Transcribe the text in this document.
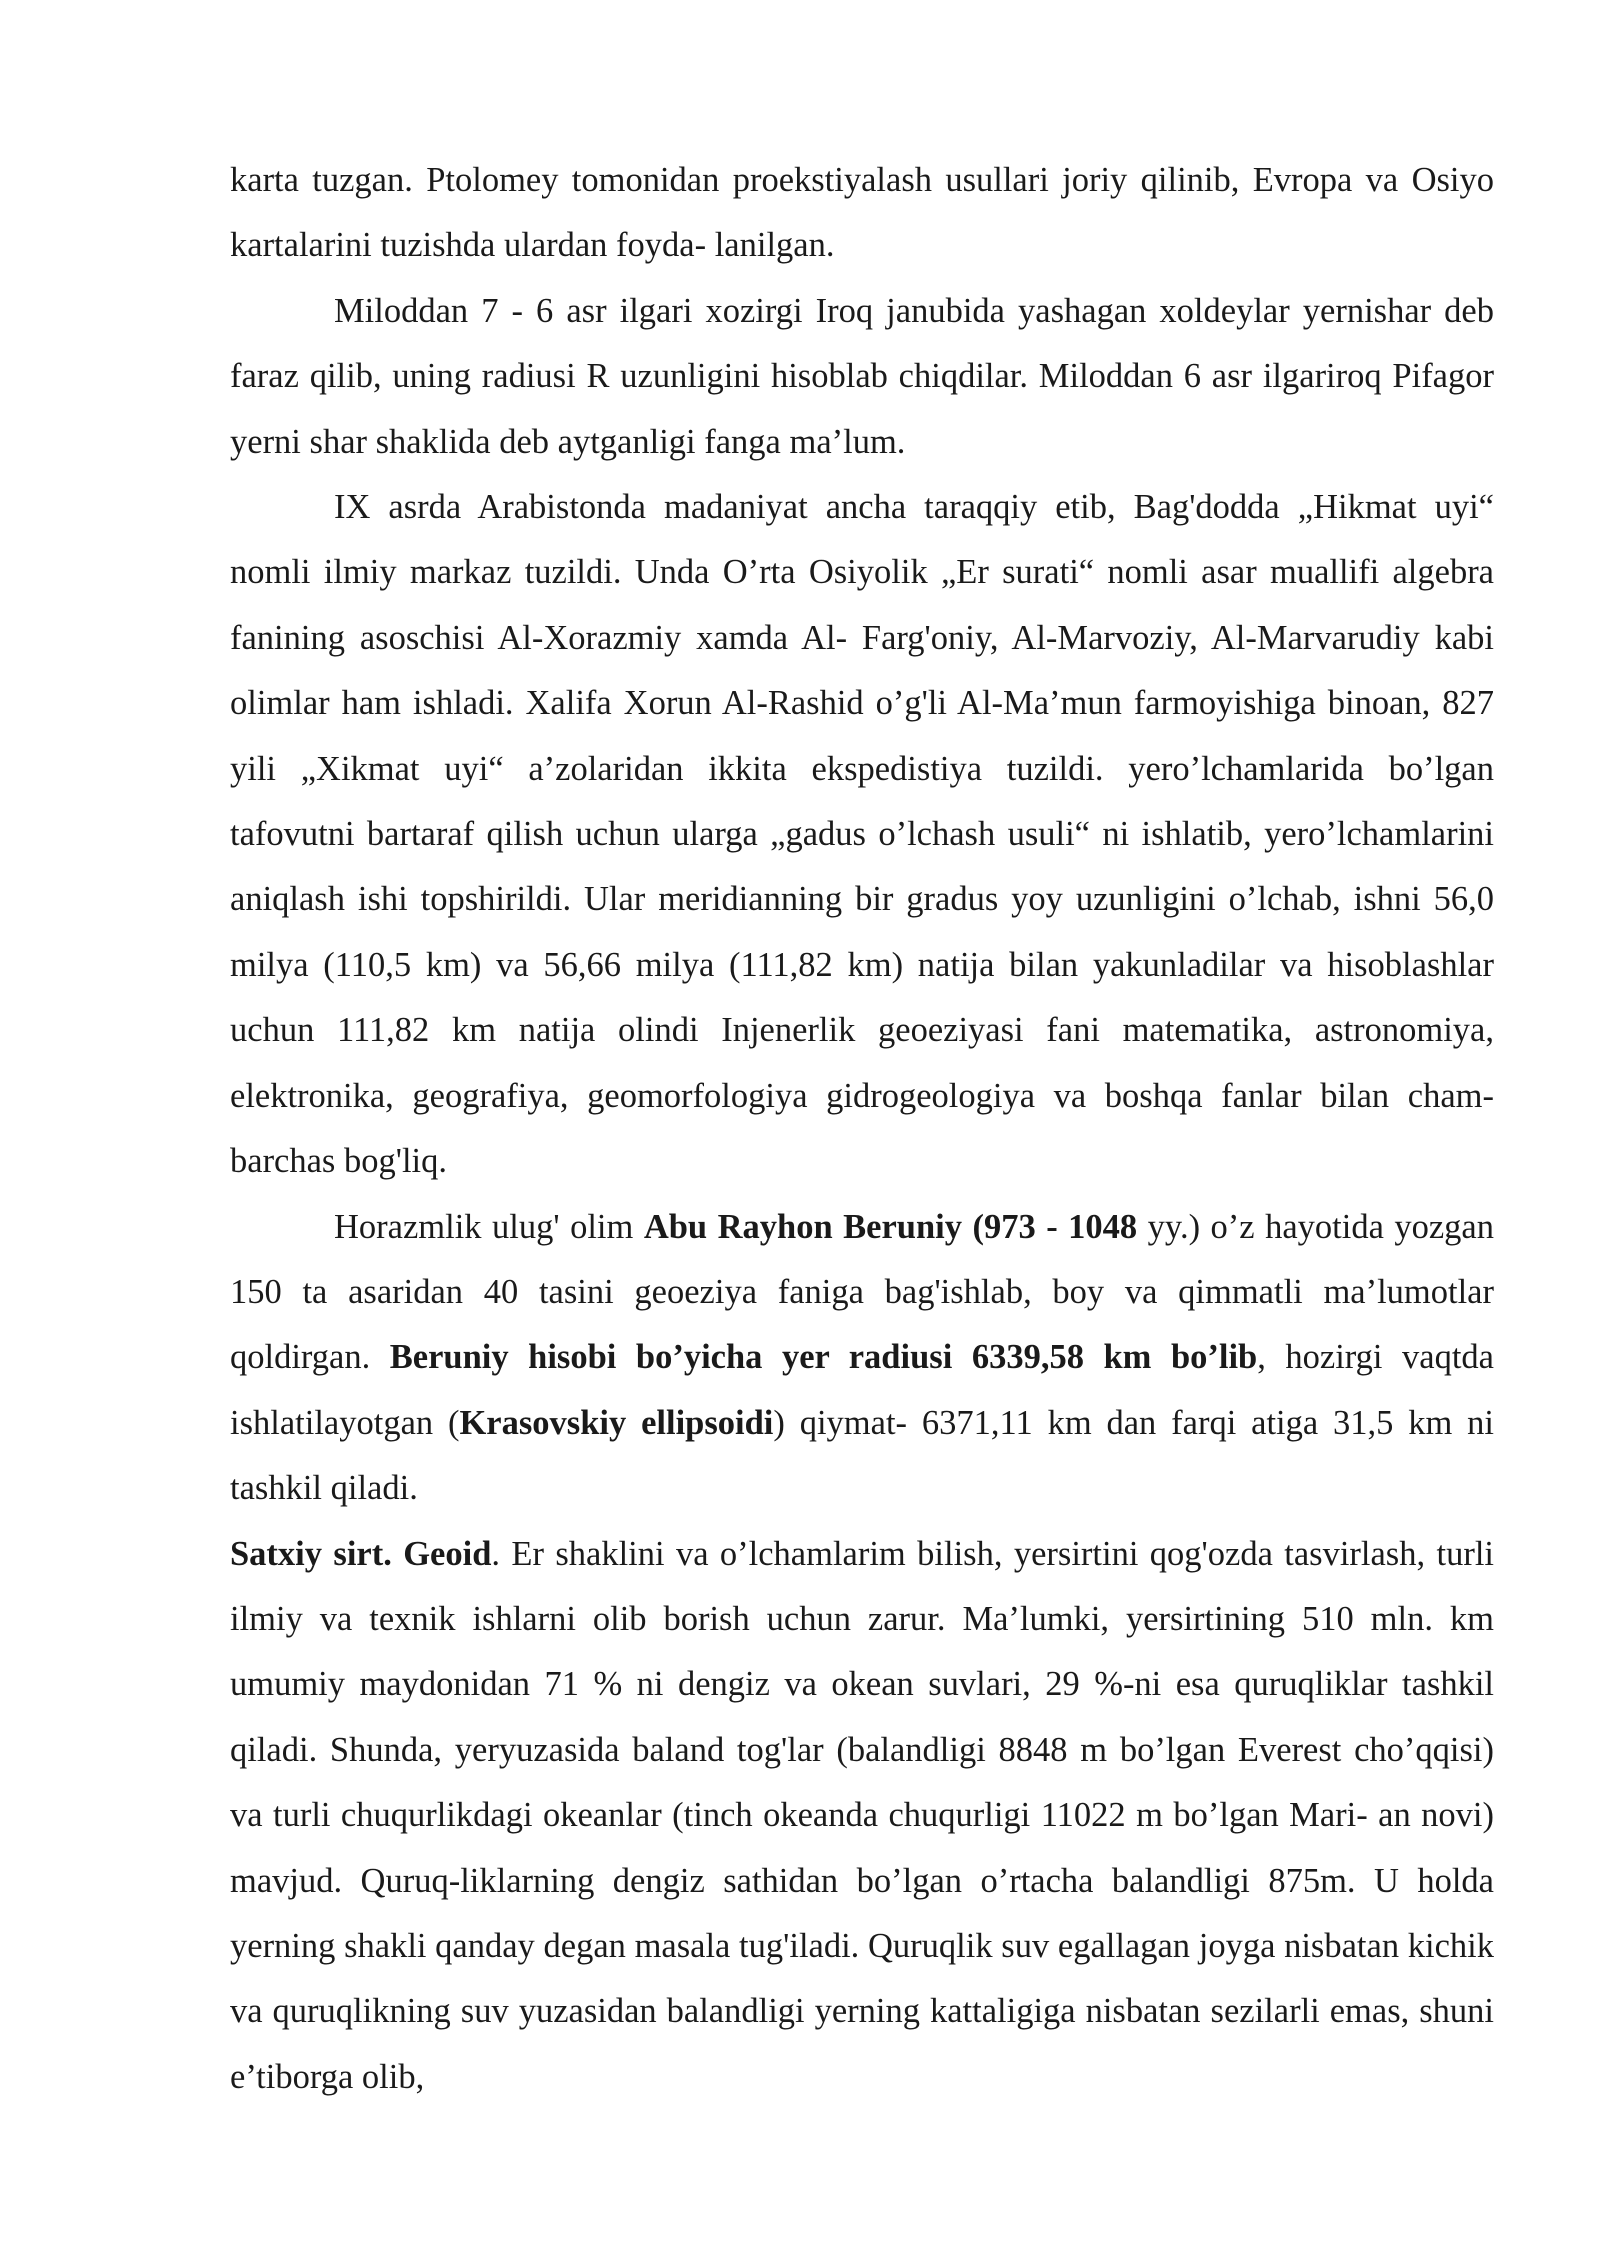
karta tuzgan. Ptolomey tomonidan proekstiyalash usullari joriy qilinib, Evropa va Osiyo kartalarini tuzishda ulardan foyda- lanilgan.

Miloddan 7 - 6 asr ilgari xozirgi Iroq janubida yashagan xoldeylar yernishar deb faraz qilib, uning radiusi R uzunligini hisoblab chiqdilar. Miloddan 6 asr ilgariroq Pifagor yerni shar shaklida deb aytganligi fanga ma’lum.

IX asrda Arabistonda madaniyat ancha taraqqiy etib, Bag'dodda „Hikmat uyi“ nomli ilmiy markaz tuzildi. Unda O’rta Osiyolik „Er surati“ nomli asar muallifi algebra fanining asoschisi Al-Xorazmiy xamda Al- Farg'oniy, Al-Marvoziy, Al-Marvarudiy kabi olimlar ham ishladi. Xalifa Xorun Al-Rashid o’g'li Al-Ma’mun farmoyishiga binoan, 827 yili „Xikmat uyi“ a’zolaridan ikkita ekspedistiya tuzildi. yero’lchamlarida bo’lgan tafovutni bartaraf qilish uchun ularga „gadus o’lchash usuli“ ni ishlatib, yero’lchamlarini aniqlash ishi topshirildi. Ular meridianning bir gradus yoy uzunligini o’lchab, ishni 56,0 milya (110,5 km) va 56,66 milya (111,82 km) natija bilan yakunladilar va hisoblashlar uchun 111,82 km natija olindi Injenerlik geoeziyasi fani matematika, astronomiya, elektronika, geografiya, geomorfologiya gidrogeologiya va boshqa fanlar bilan cham- barchas bog'liq.

Horazmlik ulug' olim Abu Rayhon Beruniy (973 - 1048 yy.) o’z hayotida yozgan 150 ta asaridan 40 tasini geoeziya faniga bag'ishlab, boy va qimmatli ma’lumotlar qoldirgan. Beruniy hisobi bo’yicha yer radiusi 6339,58 km bo’lib, hozirgi vaqtda ishlatilayotgan (Krasovskiy ellipsoidi) qiymat- 6371,11 km dan farqi atiga 31,5 km ni tashkil qiladi.

Satxiy sirt. Geoid. Er shaklini va o’lchamlarim bilish, yersirtini qog'ozda tasvirlash, turli ilmiy va texnik ishlarni olib borish uchun zarur. Ma’lumki, yersirtining 510 mln. km umumiy maydonidan 71 % ni dengiz va okean suvlari, 29 %-ni esa quruqliklar tashkil qiladi. Shunda, yeryuzasida baland tog'lar (balandligi 8848 m bo’lgan Everest cho’qqisi) va turli chuqurlikdagi okeanlar (tinch okeanda chuqurligi 11022 m bo’lgan Mari- an novi) mavjud. Quruq-liklarning dengiz sathidan bo’lgan o’rtacha balandligi 875m. U holda yerning shakli qanday degan masala tug'iladi. Quruqlik suv egallagan joyga nisbatan kichik va quruqlikning suv yuzasidan balandligi yerning kattaligiga nisbatan sezilarli emas, shuni e’tiborga olib,
